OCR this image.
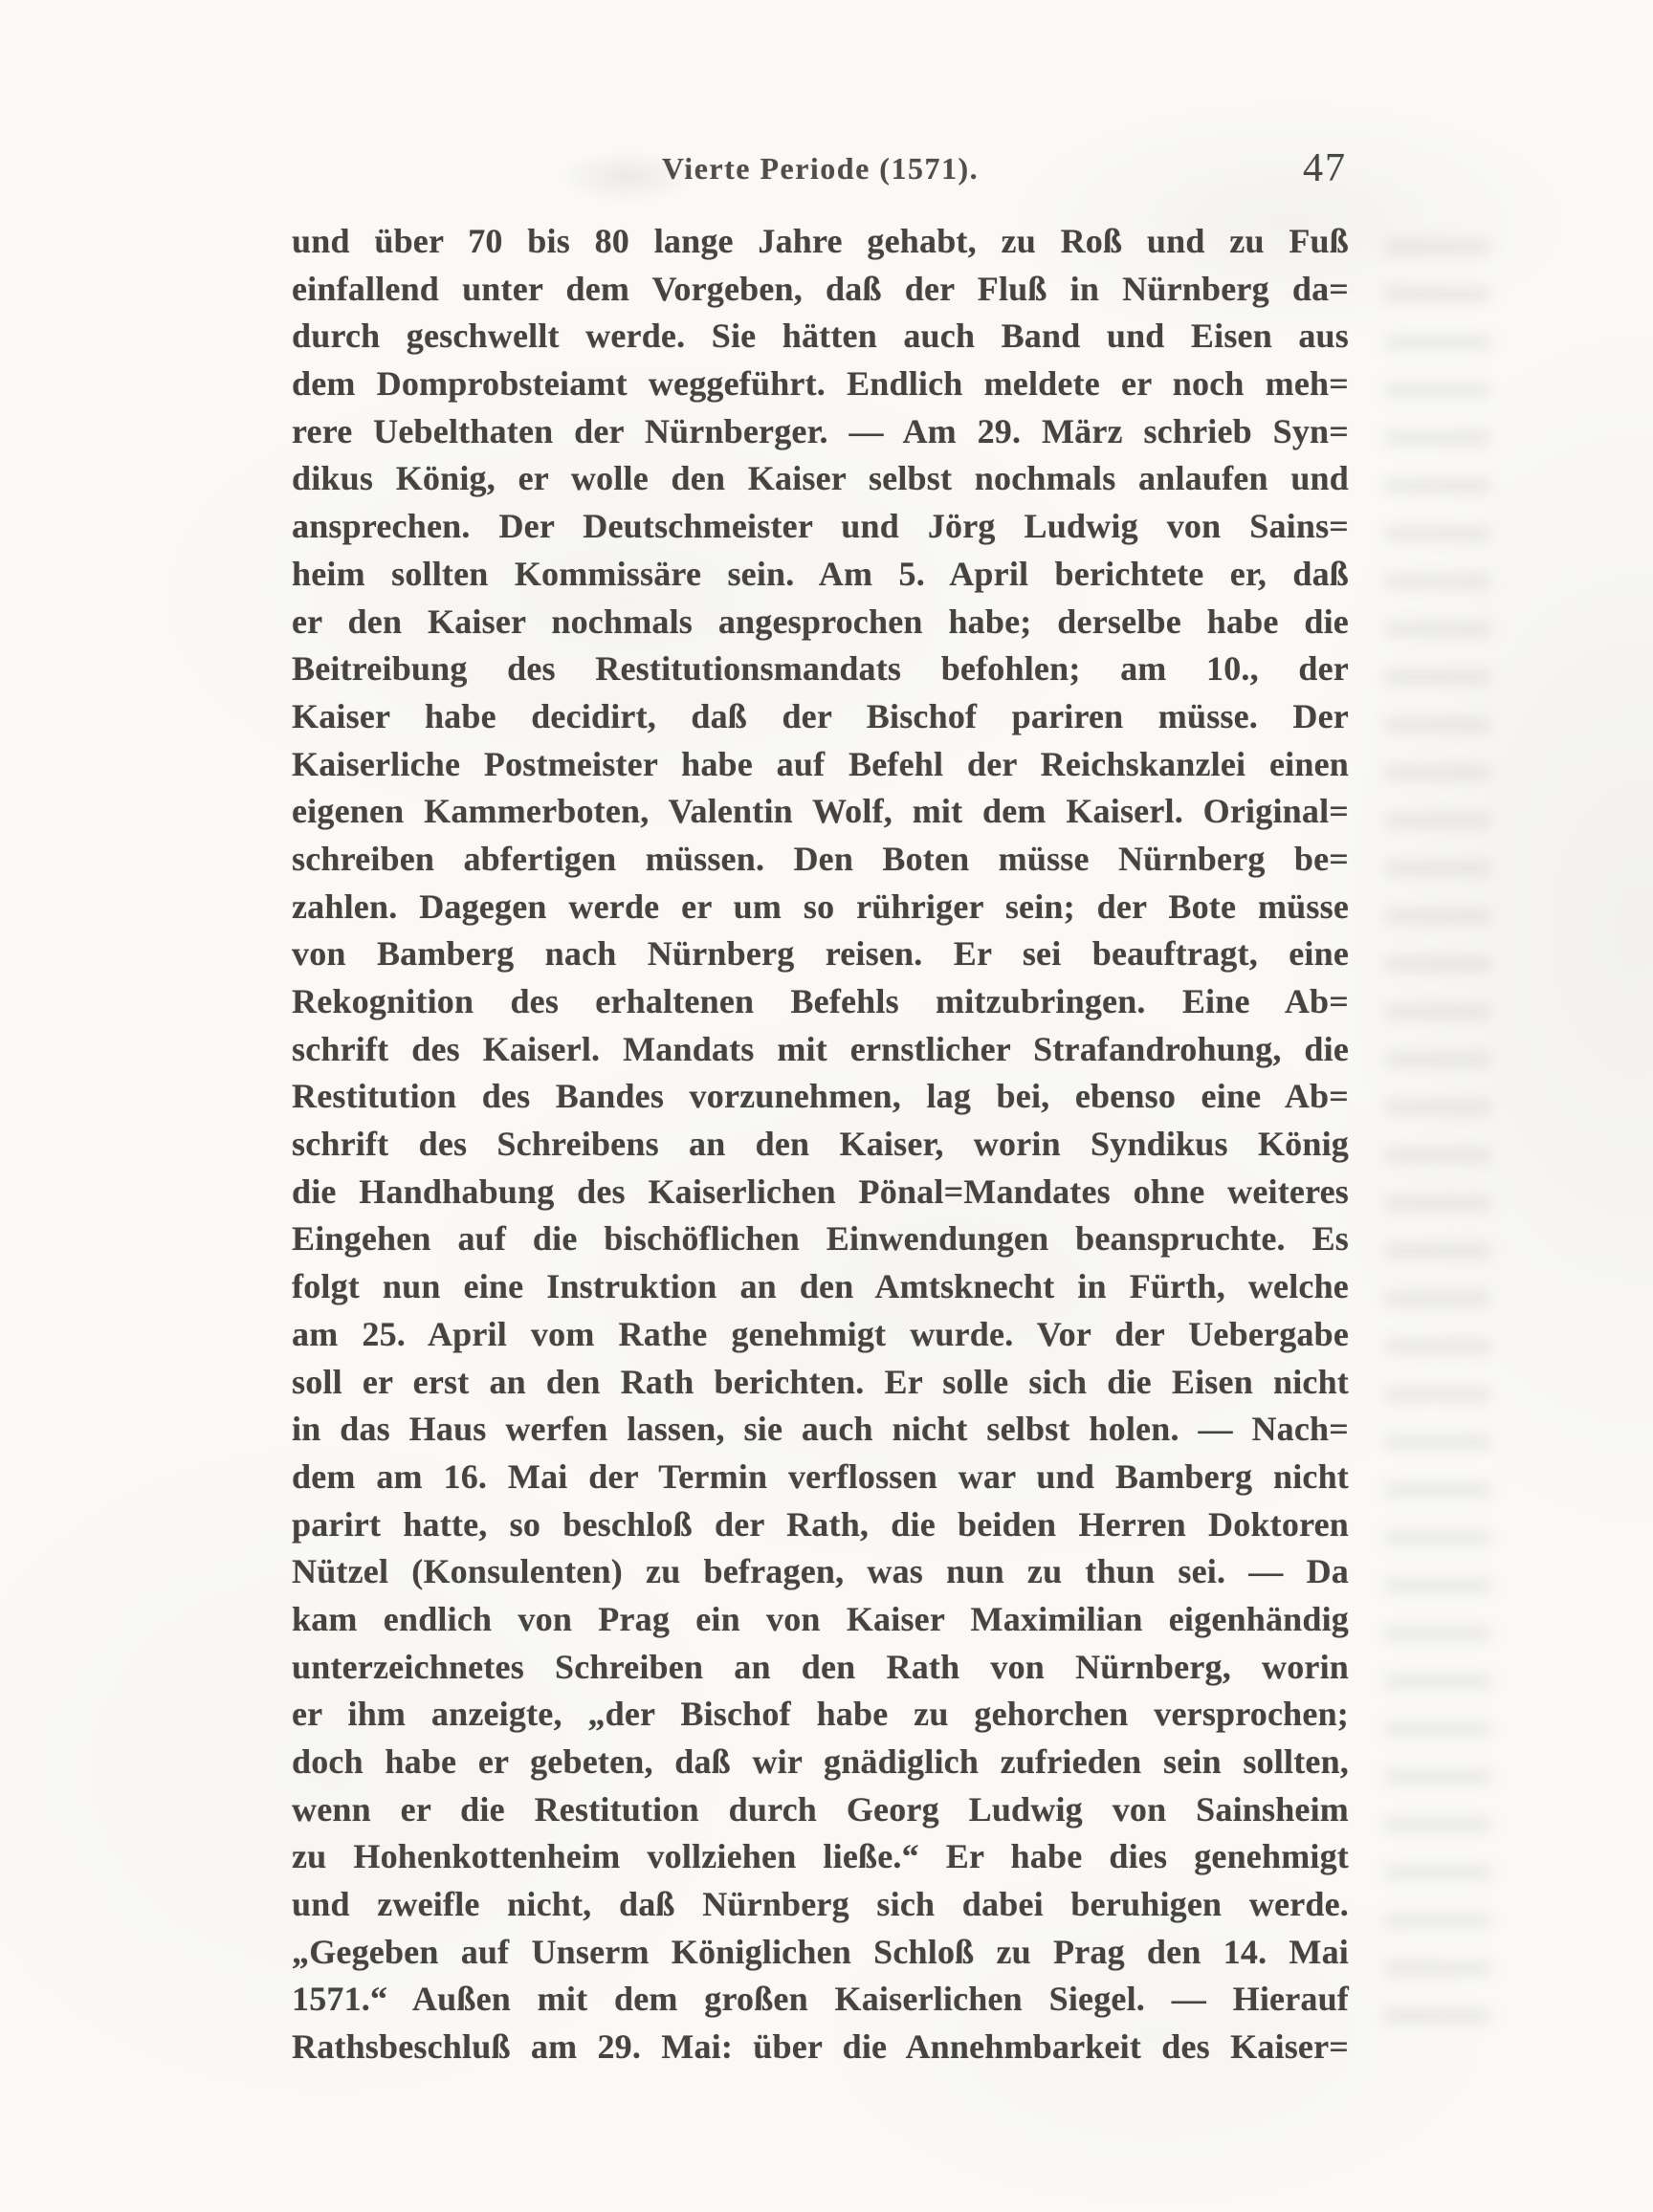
Vierte Periode (1571).	47
und über 70 bis 80 lange Jahre gehabt, zu Roß und zu Fuß
einfallend unter dem Vorgeben, daß der Fluß in Nürnberg da=
durch geschwellt werde. Sie hätten auch Band und Eisen aus
dem Domprobsteiamt weggeführt. Endlich meldete er noch meh=
rere Uebelthaten der Nürnberger. — Am 29. März schrieb Syn=
dikus König, er wolle den Kaiser selbst nochmals anlaufen und
ansprechen. Der Deutschmeister und Jörg Ludwig von Sains=
heim sollten Kommissäre sein. Am 5. April berichtete er, daß
er den Kaiser nochmals angesprochen habe; derselbe habe die
Beitreibung des Restitutionsmandats befohlen; am 10., der
Kaiser habe decidirt, daß der Bischof pariren müsse. Der
Kaiserliche Postmeister habe auf Befehl der Reichskanzlei einen
eigenen Kammerboten, Valentin Wolf, mit dem Kaiserl. Original=
schreiben abfertigen müssen. Den Boten müsse Nürnberg be=
zahlen. Dagegen werde er um so rühriger sein; der Bote müsse
von Bamberg nach Nürnberg reisen. Er sei beauftragt, eine
Rekognition des erhaltenen Befehls mitzubringen. Eine Ab=
schrift des Kaiserl. Mandats mit ernstlicher Strafandrohung, die
Restitution des Bandes vorzunehmen, lag bei, ebenso eine Ab=
schrift des Schreibens an den Kaiser, worin Syndikus König
die Handhabung des Kaiserlichen Pönal=Mandates ohne weiteres
Eingehen auf die bischöflichen Einwendungen beanspruchte. Es
folgt nun eine Instruktion an den Amtsknecht in Fürth, welche
am 25. April vom Rathe genehmigt wurde. Vor der Uebergabe
soll er erst an den Rath berichten. Er solle sich die Eisen nicht
in das Haus werfen lassen, sie auch nicht selbst holen. — Nach=
dem am 16. Mai der Termin verflossen war und Bamberg nicht
parirt hatte, so beschloß der Rath, die beiden Herren Doktoren
Nützel (Konsulenten) zu befragen, was nun zu thun sei. — Da
kam endlich von Prag ein von Kaiser Maximilian eigenhändig
unterzeichnetes Schreiben an den Rath von Nürnberg, worin
er ihm anzeigte, „der Bischof habe zu gehorchen versprochen;
doch habe er gebeten, daß wir gnädiglich zufrieden sein sollten,
wenn er die Restitution durch Georg Ludwig von Sainsheim
zu Hohenkottenheim vollziehen ließe.“ Er habe dies genehmigt
und zweifle nicht, daß Nürnberg sich dabei beruhigen werde.
„Gegeben auf Unserm Königlichen Schloß zu Prag den 14. Mai
1571.“ Außen mit dem großen Kaiserlichen Siegel. — Hierauf
Rathsbeschluß am 29. Mai: über die Annehmbarkeit des Kaiser=
